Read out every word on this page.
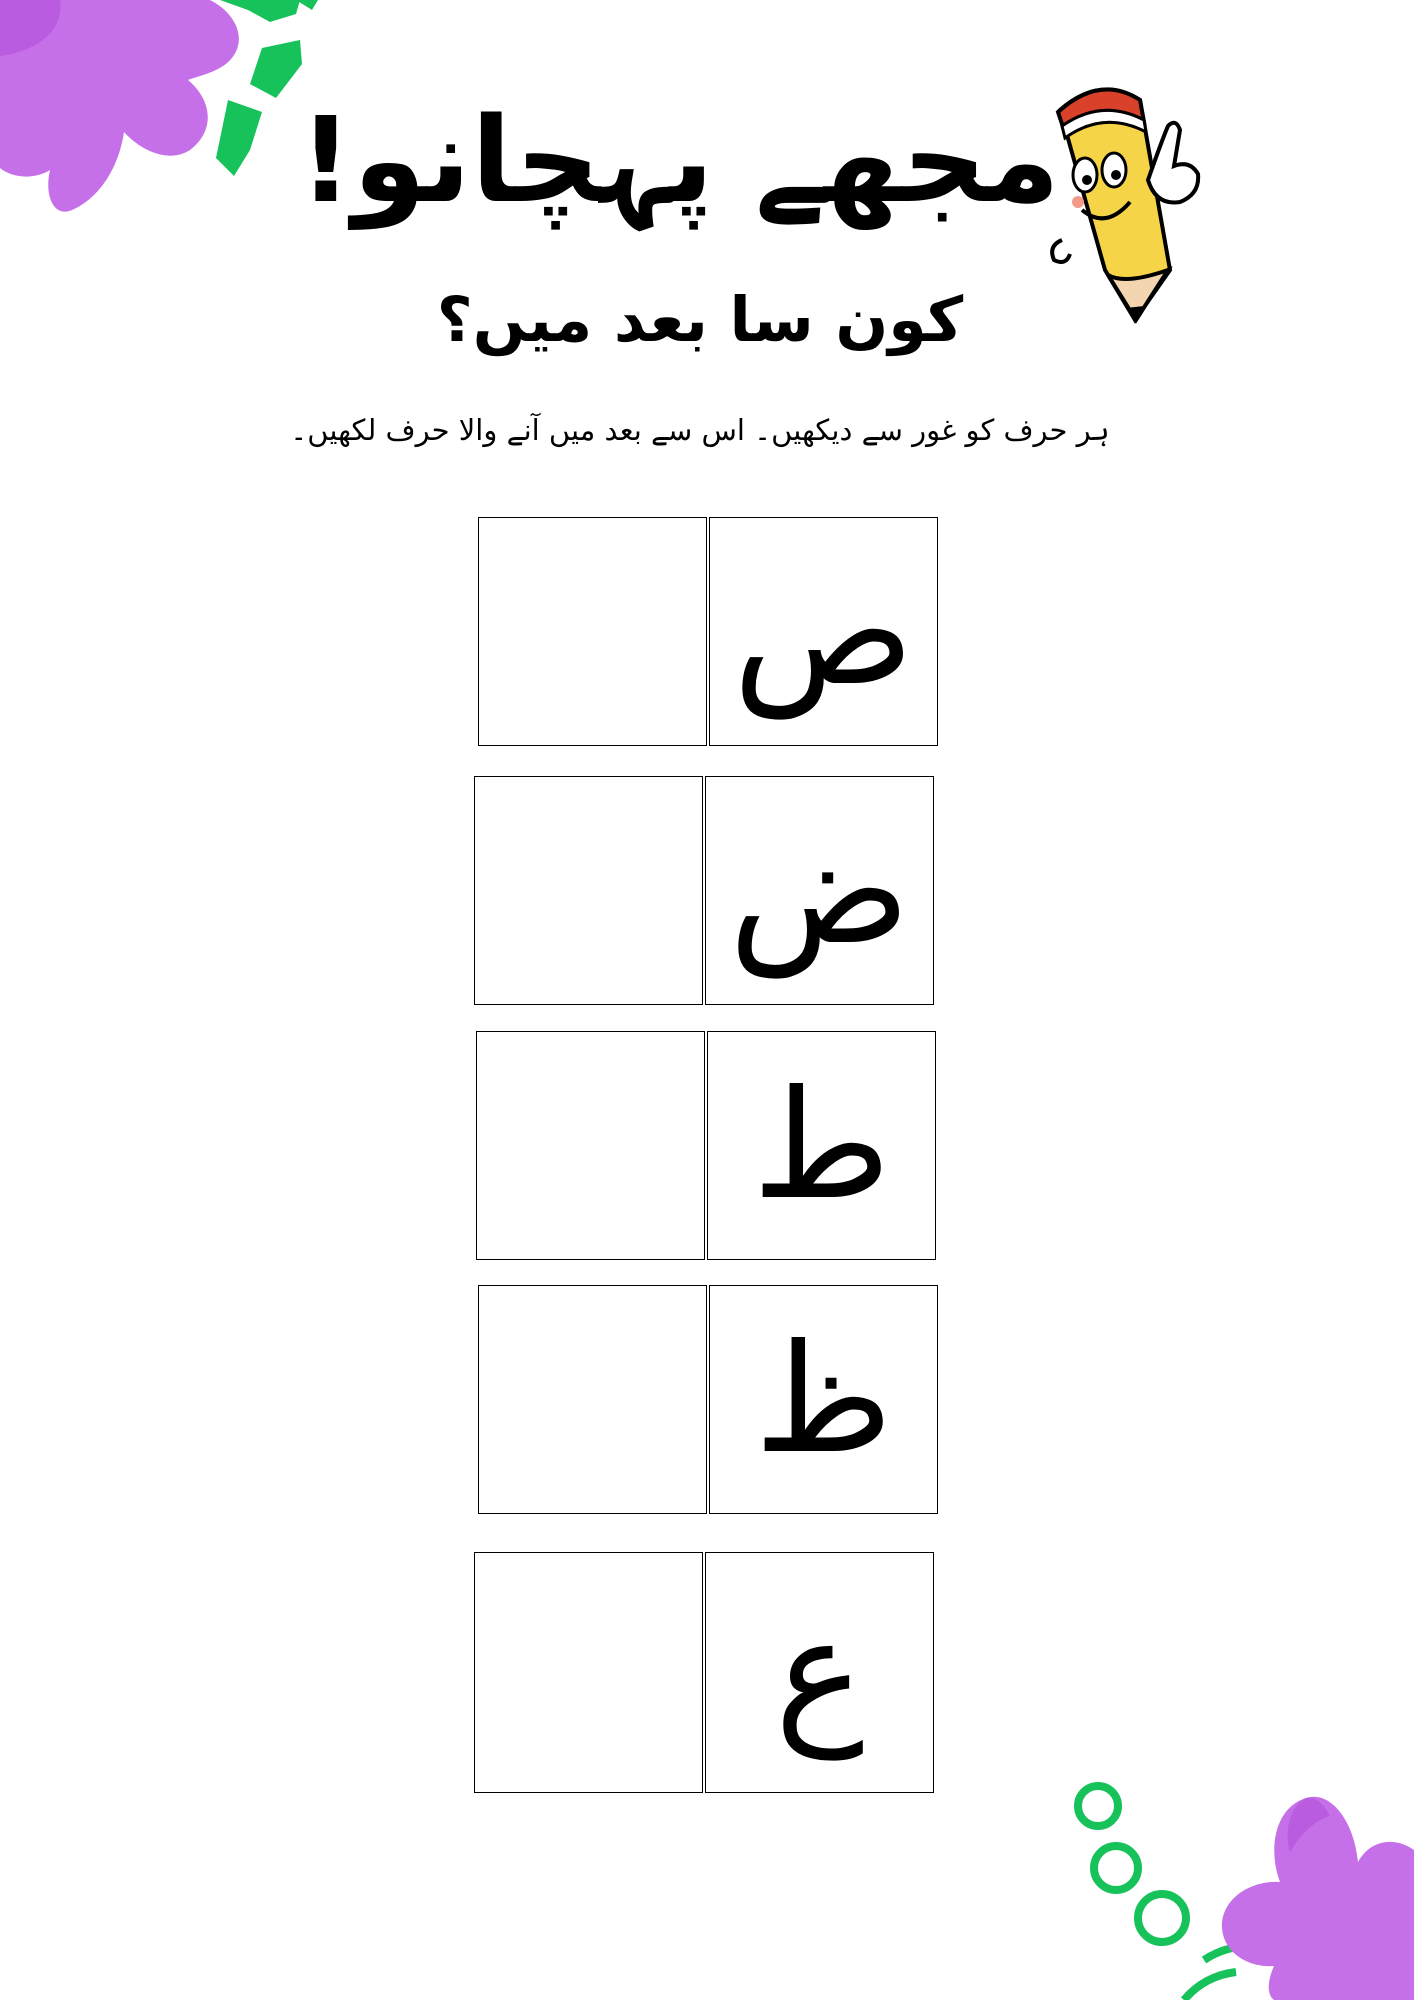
مجھے پہچانو!
کون سا بعد میں؟

ہر حرف کو غور سے دیکھیں۔ اس سے بعد میں آنے والا حرف لکھیں۔

ص
ض
ط
ظ
ع
